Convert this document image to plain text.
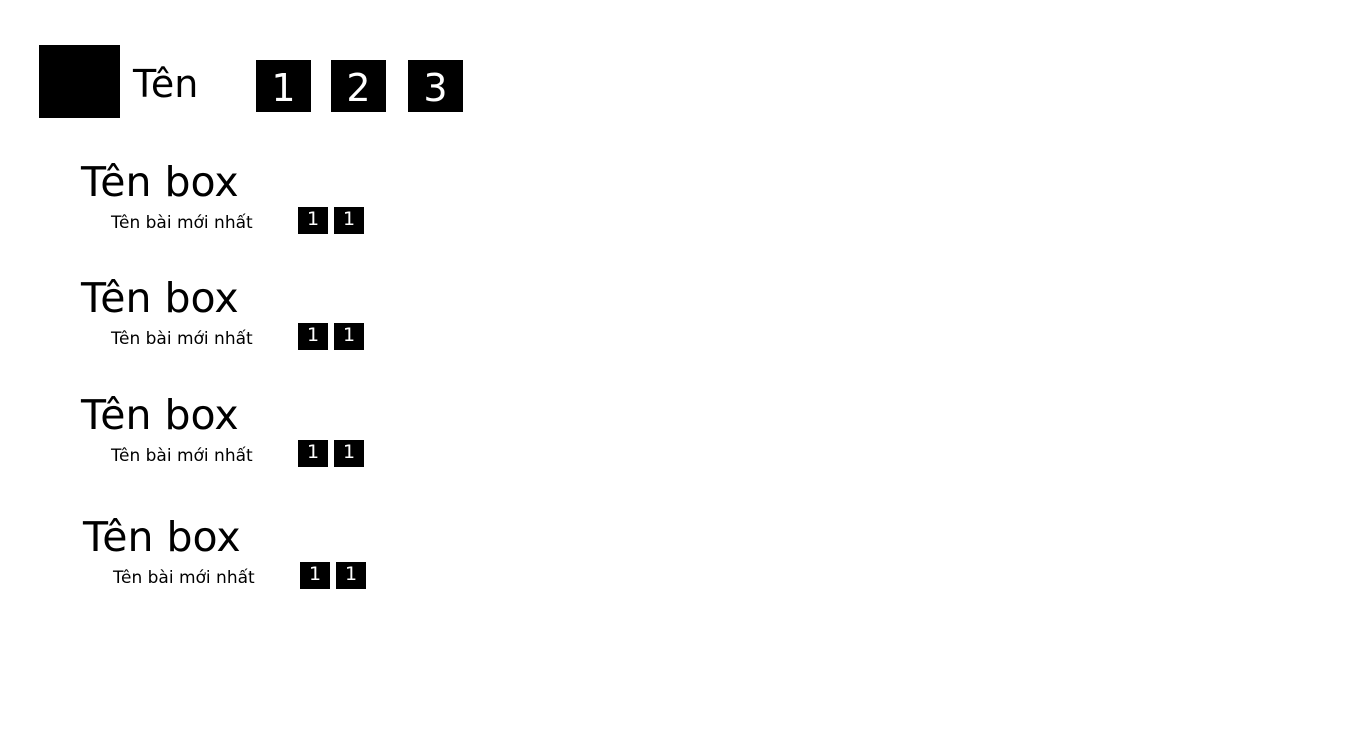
Tên	1	2	3
Tên box
Tên bài mới nhất	1	1
Tên box
Tên bài mới nhất	1	1
Tên box
Tên bài mới nhất	1	1
Tên box
Tên bài mới nhất	1	1
